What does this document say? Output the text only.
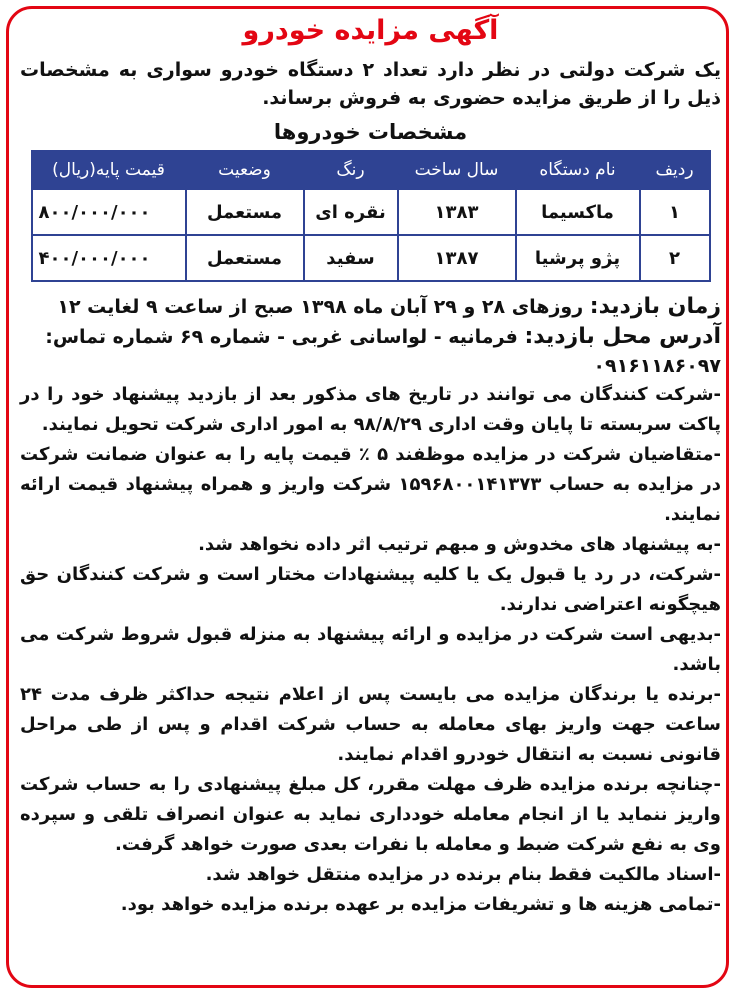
آگهی مزایده خودرو

یک شرکت دولتی در نظر دارد تعداد ۲ دستگاه خودرو سواری به مشخصات ذیل را از طریق مزایده حضوری به فروش برساند.

مشخصات خودروها
ردیف	نام دستگاه	سال ساخت	رنگ	وضعیت	قیمت پایه(ریال)
۱	ماکسیما	۱۳۸۳	نقره ای	مستعمل	۸۰۰/۰۰۰/۰۰۰
۲	پژو پرشیا	۱۳۸۷	سفید	مستعمل	۴۰۰/۰۰۰/۰۰۰
زمان بازدید: روزهای ۲۸ و ۲۹ آبان ماه ۱۳۹۸ صبح از ساعت ۹ لغایت ۱۲
آدرس محل بازدید: فرمانیه - لواسانی غربی - شماره ۶۹ شماره تماس:
۰۹۱۶۱۱۸۶۰۹۷

-شرکت کنندگان می توانند در تاریخ های مذکور بعد از بازدید پیشنهاد خود را در پاکت سربسته تا پایان وقت اداری ۹۸/۸/۲۹ به امور اداری شرکت تحویل نمایند.

-متقاضیان شرکت در مزایده موظفند ۵ ٪ قیمت پایه را به عنوان ضمانت شرکت در مزایده به حساب ۱۵۹۶۸۰۰۱۴۱۳۷۳ شرکت واریز و همراه پیشنهاد قیمت ارائه نمایند.

-به پیشنهاد های مخدوش و مبهم ترتیب اثر داده نخواهد شد.

-شرکت، در رد یا قبول یک یا کلیه پیشنهادات مختار است و شرکت کنندگان حق هیچگونه اعتراضی ندارند.

-بدیهی است شرکت در مزایده و ارائه پیشنهاد به منزله قبول شروط شرکت می باشد.

-برنده یا برندگان مزایده می بایست پس از اعلام نتیجه حداکثر ظرف مدت ۲۴ ساعت جهت واریز بهای معامله به حساب شرکت اقدام و پس از طی مراحل قانونی نسبت به انتقال خودرو اقدام نمایند.

-چنانچه برنده مزایده ظرف مهلت مقرر، کل مبلغ پیشنهادی را به حساب شرکت واریز ننماید یا از انجام معامله خودداری نماید به عنوان انصراف تلقی و سپرده وی به نفع شرکت ضبط و معامله با نفرات بعدی صورت خواهد گرفت.

-اسناد مالکیت فقط بنام برنده در مزایده منتقل خواهد شد.

-تمامی هزینه ها و تشریفات مزایده بر عهده برنده مزایده خواهد بود.
